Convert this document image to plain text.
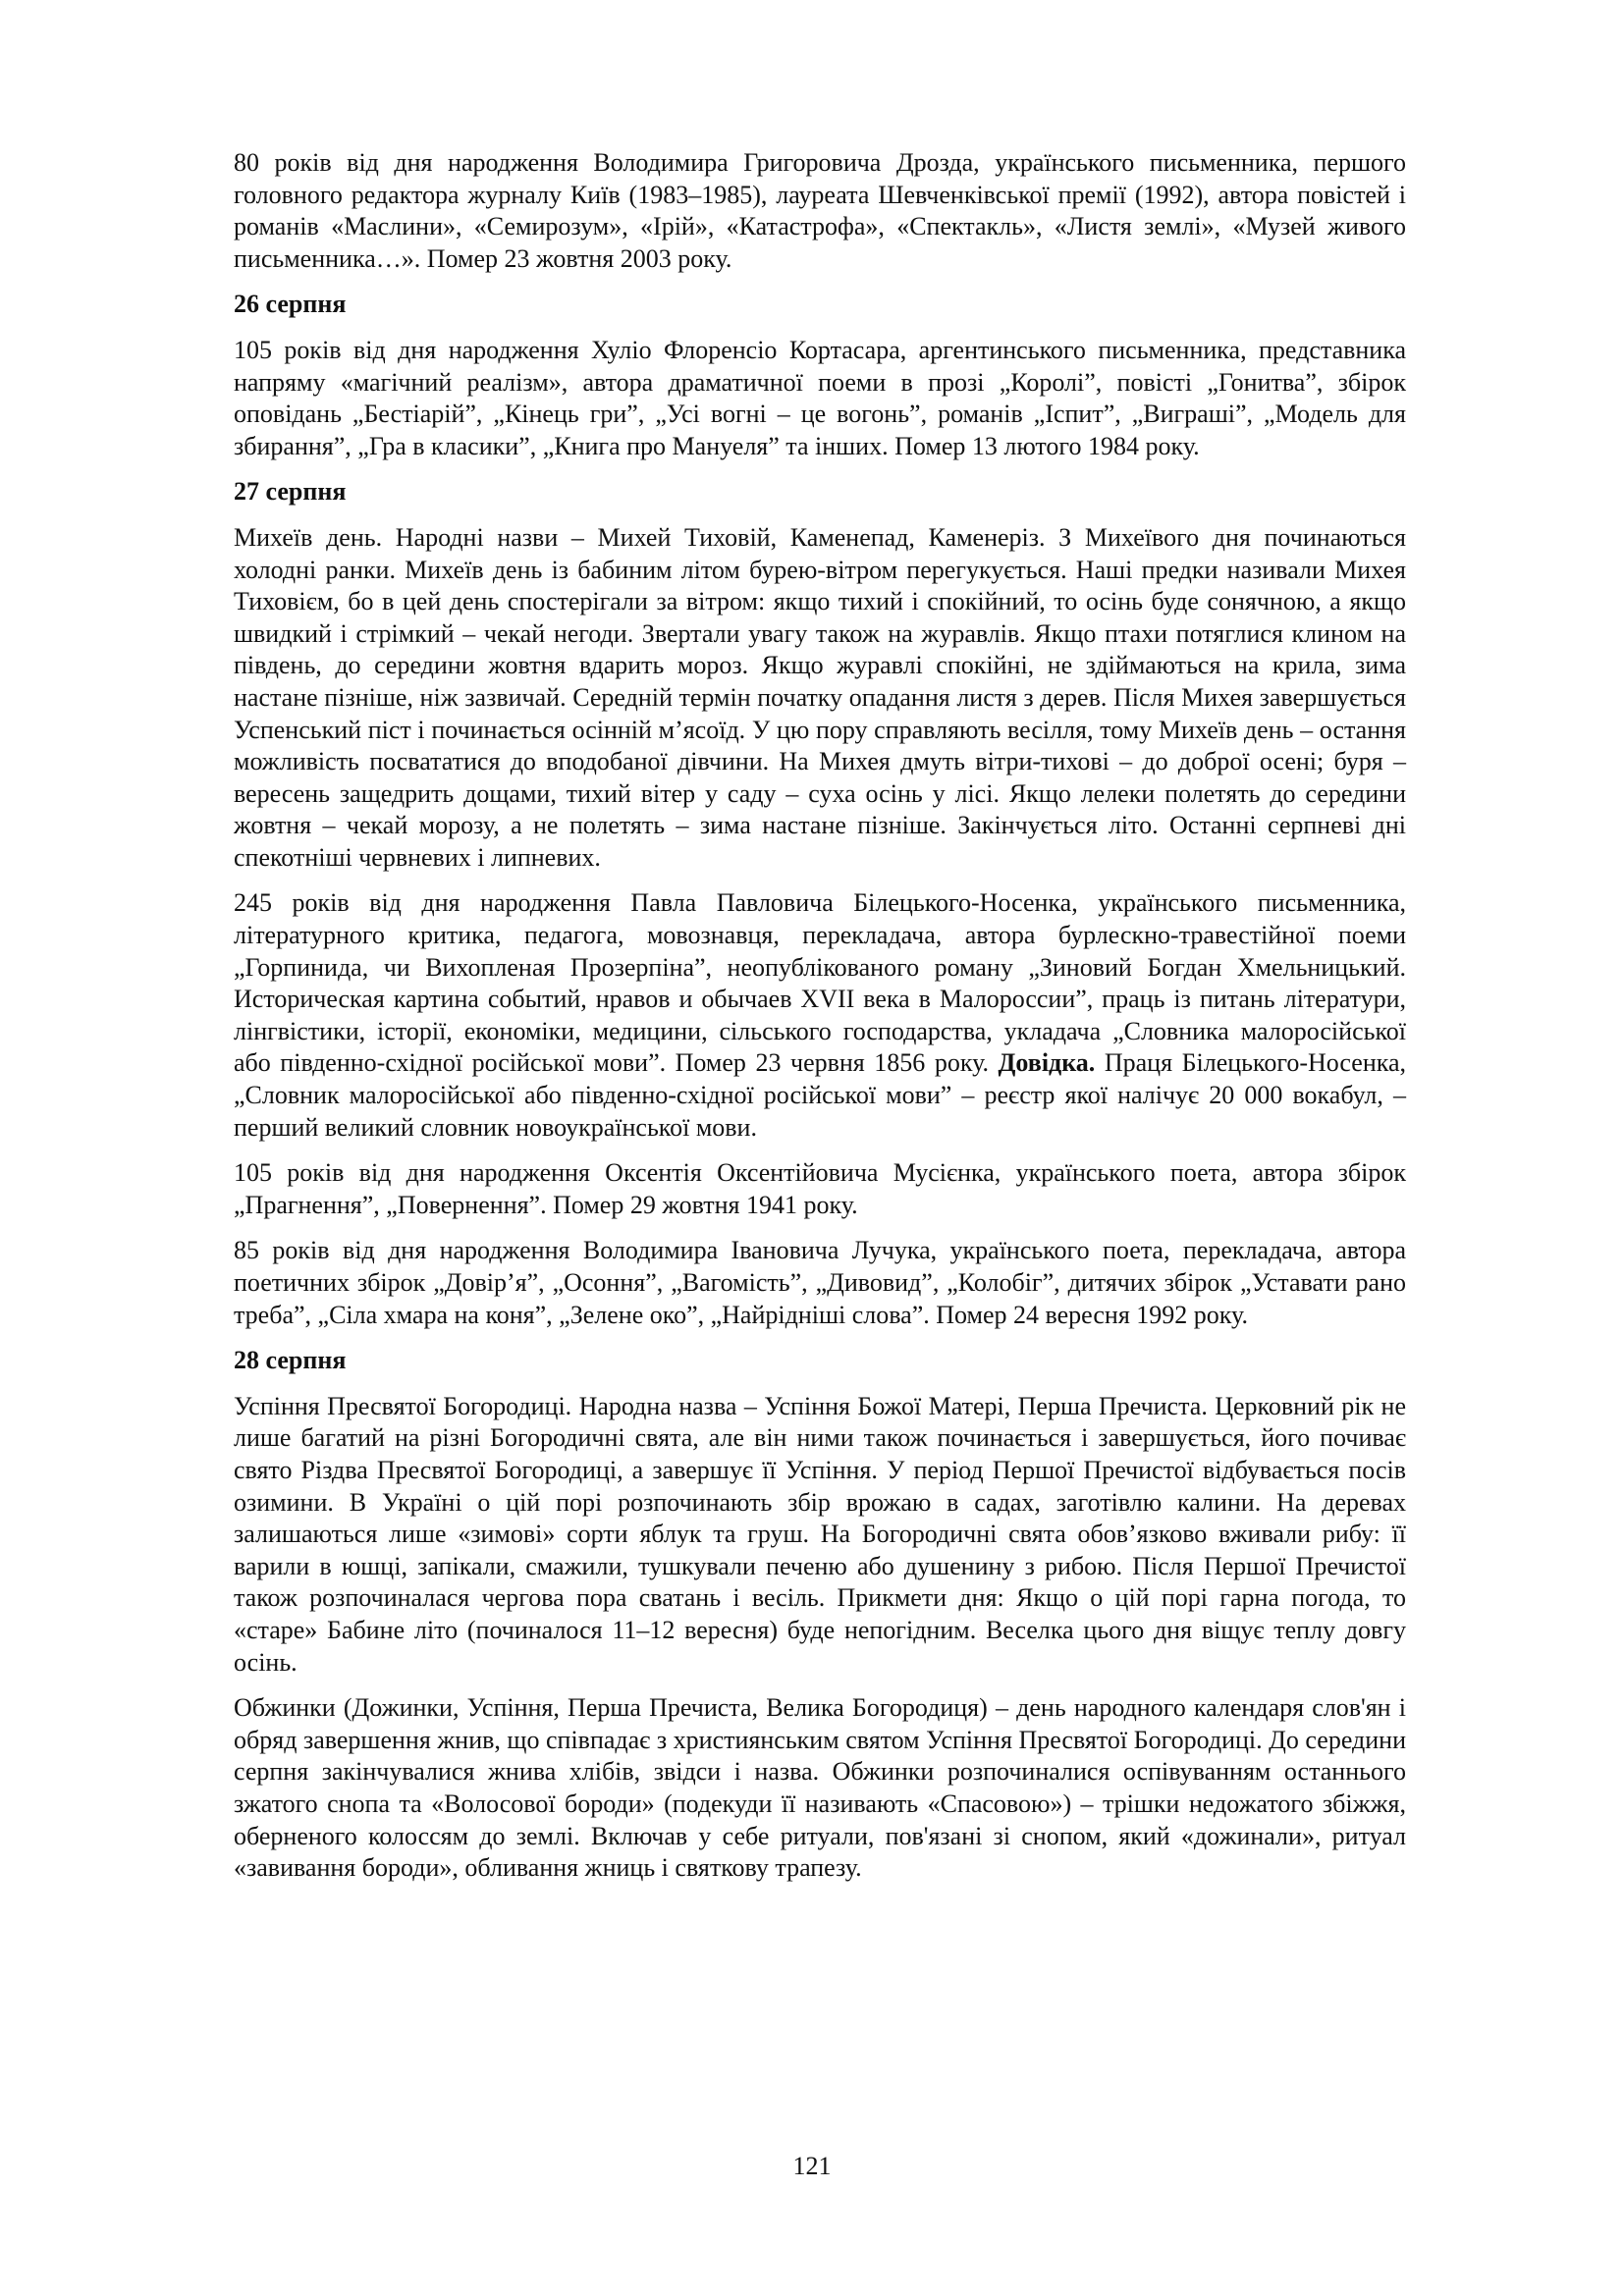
80 років від дня народження Володимира Григоровича Дрозда, українського письменника, першого головного редактора журналу Київ (1983–1985), лауреата Шевченківської премії (1992), автора повістей і романів «Маслини», «Семирозум», «Ірій», «Катастрофа», «Спектакль», «Листя землі», «Музей живого письменника…». Помер 23 жовтня 2003 року.

26 серпня

105 років від дня народження Хуліо Флоренсіо Кортасара, аргентинського письменника, представника напряму «магічний реалізм», автора драматичної поеми в прозі „Королі”, повісті „Гонитва”, збірок оповідань „Бестіарій”, „Кінець гри”, „Усі вогні – це вогонь”, романів „Іспит”, „Виграші”, „Модель для збирання”, „Гра в класики”, „Книга про Мануеля” та інших. Помер 13 лютого 1984 року.

27 серпня

Михеїв день. Народні назви – Михей Тиховій, Каменепад, Каменеріз. З Михеївого дня починаються холодні ранки. Михеїв день із бабиним літом бурею-вітром перегукується. Наші предки називали Михея Тиховієм, бо в цей день спостерігали за вітром: якщо тихий і спокійний, то осінь буде сонячною, а якщо швидкий і стрімкий – чекай негоди. Звертали увагу також на журавлів. Якщо птахи потяглися клином на південь, до середини жовтня вдарить мороз. Якщо журавлі спокійні, не здіймаються на крила, зима настане пізніше, ніж зазвичай. Середній термін початку опадання листя з дерев. Після Михея завершується Успенський піст і починається осінній м’ясоїд. У цю пору справляють весілля, тому Михеїв день – остання можливість посвататися до вподобаної дівчини. На Михея дмуть вітри-тихові – до доброї осені; буря – вересень защедрить дощами, тихий вітер у саду – суха осінь у лісі. Якщо лелеки полетять до середини жовтня – чекай морозу, а не полетять – зима настане пізніше. Закінчується літо. Останні серпневі дні спекотніші червневих і липневих.

245 років від дня народження Павла Павловича Білецького-Носенка, українського письменника, літературного критика, педагога, мовознавця, перекладача, автора бурлескно-травестійної поеми „Горпинида, чи Вихопленая Прозерпіна”, неопублікованого роману „Зиновий Богдан Хмельницький. Историческая картина событий, нравов и обычаев XVII века в Малороссии”, праць із питань літератури, лінгвістики, історії, економіки, медицини, сільського господарства, укладача „Словника малоросійської або південно-східної російської мови”. Помер 23 червня 1856 року. Довідка. Праця Білецького-Носенка, „Словник малоросійської або південно-східної російської мови” – реєстр якої налічує 20 000 вокабул, – перший великий словник новоукраїнської мови.

105 років від дня народження Оксентія Оксентійовича Мусієнка, українського поета, автора збірок „Прагнення”, „Повернення”. Помер 29 жовтня 1941 року.

85 років від дня народження Володимира Івановича Лучука, українського поета, перекладача, автора поетичних збірок „Довір’я”, „Осоння”, „Вагомість”, „Дивовид”, „Колобіг”, дитячих збірок „Уставати рано треба”, „Сіла хмара на коня”, „Зелене око”, „Найрідніші слова”. Помер 24 вересня 1992 року.

28 серпня

Успіння Пресвятої Богородиці. Народна назва – Успіння Божої Матері, Перша Пречиста. Церковний рік не лише багатий на різні Богородичні свята, але він ними також починається і завершується, його почиває свято Різдва Пресвятої Богородиці, а завершує її Успіння. У період Першої Пречистої відбувається посів озимини. В Україні о цій порі розпочинають збір врожаю в садах, заготівлю калини. На деревах залишаються лише «зимові» сорти яблук та груш. На Богородичні свята обов’язково вживали рибу: її варили в юшці, запікали, смажили, тушкували печеню або душенину з рибою. Після Першої Пречистої також розпочиналася чергова пора сватань і весіль. Прикмети дня: Якщо о цій порі гарна погода, то «старе» Бабине літо (починалося 11–12 вересня) буде непогідним. Веселка цього дня віщує теплу довгу осінь.

Обжинки (Дожинки, Успіння, Перша Пречиста, Велика Богородиця) – день народного календаря слов'ян і обряд завершення жнив, що співпадає з християнським святом Успіння Пресвятої Богородиці. До середини серпня закінчувалися жнива хлібів, звідси і назва. Обжинки розпочиналися оспівуванням останнього зжатого снопа та «Волосової бороди» (подекуди її називають «Спасовою») – трішки недожатого збіжжя, оберненого колоссям до землі. Включав у себе ритуали, пов'язані зі снопом, який «дожинали», ритуал «завивання бороди», обливання жниць і святкову трапезу.

121
